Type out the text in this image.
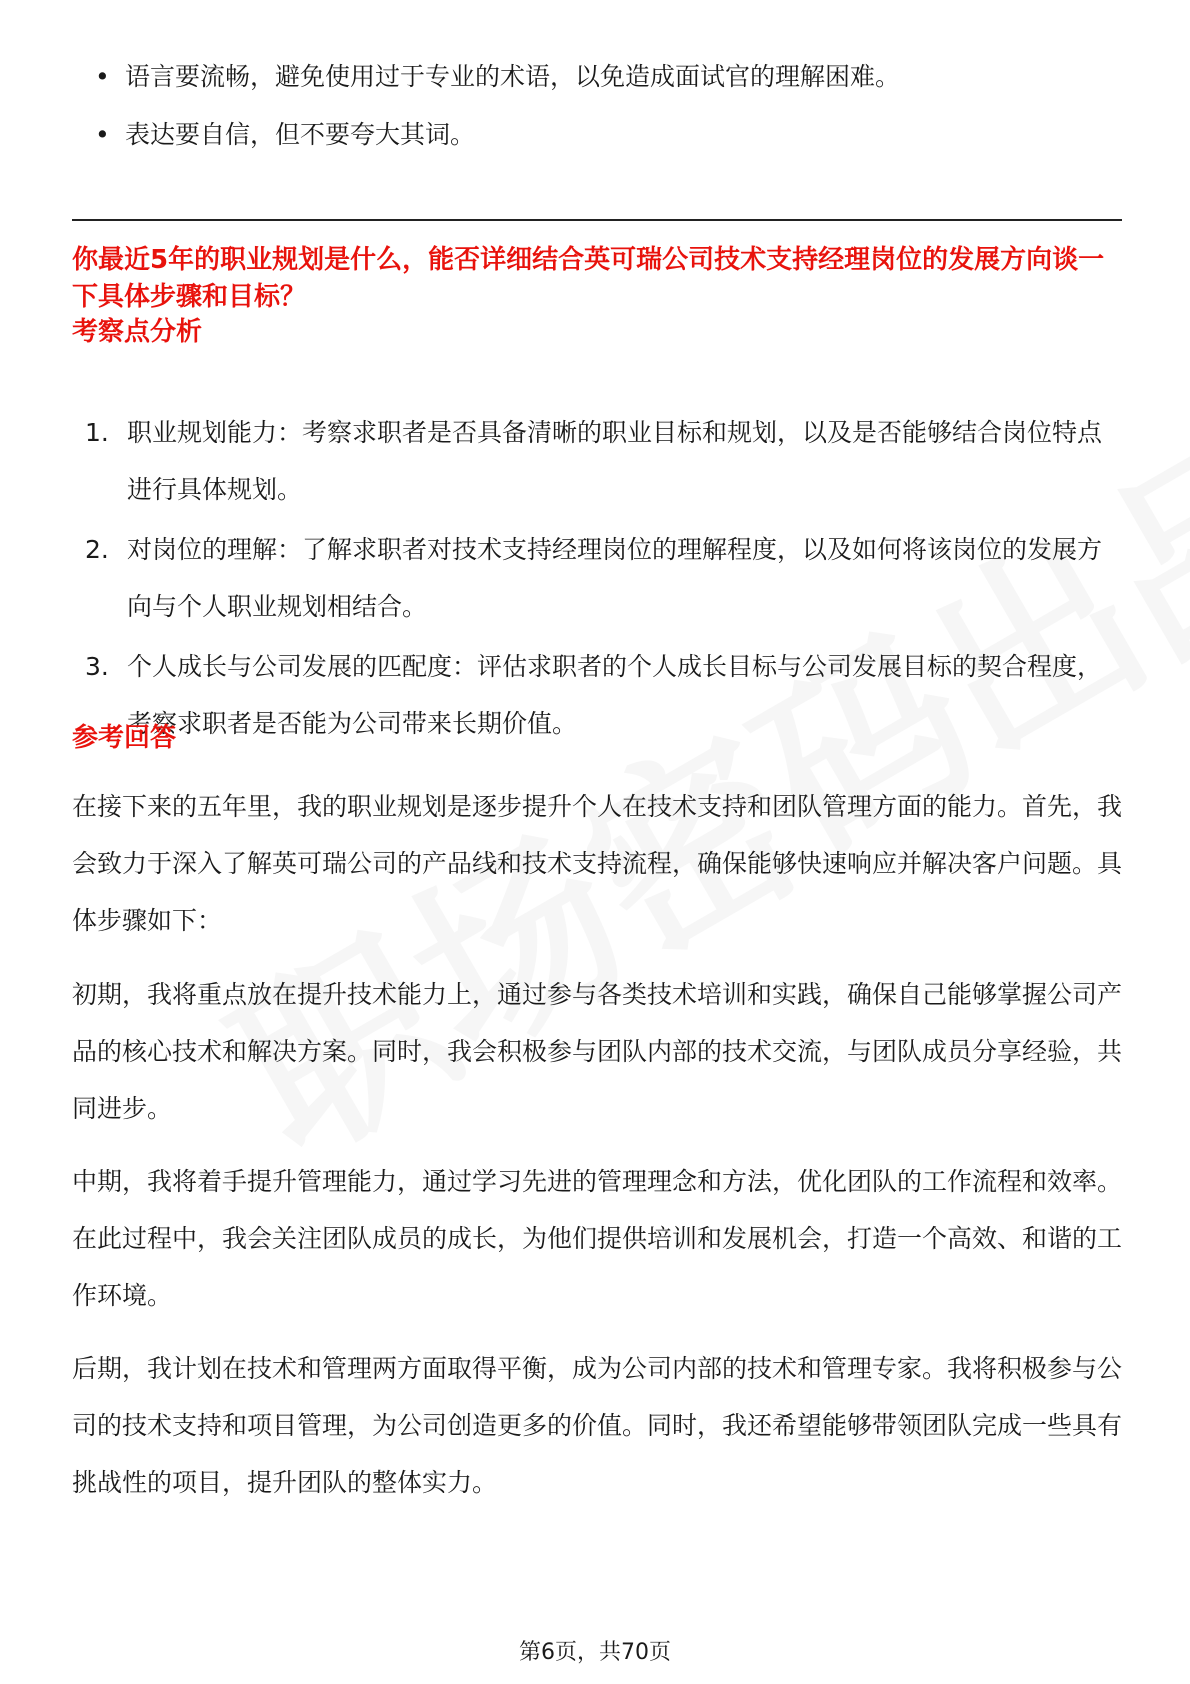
• 语言要流畅，避免使用过于专业的术语，以免造成面试官的理解困难。
• 表达要自信，但不要夸大其词。
你最近5年的职业规划是什么，能否详细结合英可瑞公司技术支持经理岗位的发展方向谈一下具体步骤和目标？
考察点分析
1. 职业规划能力：考察求职者是否具备清晰的职业目标和规划，以及是否能够结合岗位特点进行具体规划。
2. 对岗位的理解：了解求职者对技术支持经理岗位的理解程度，以及如何将该岗位的发展方向与个人职业规划相结合。
3. 个人成长与公司发展的匹配度：评估求职者的个人成长目标与公司发展目标的契合程度，考察求职者是否能为公司带来长期价值。
参考回答

在接下来的五年里，我的职业规划是逐步提升个人在技术支持和团队管理方面的能力。首先，我会致力于深入了解英可瑞公司的产品线和技术支持流程，确保能够快速响应并解决客户问题。具体步骤如下：

初期，我将重点放在提升技术能力上，通过参与各类技术培训和实践，确保自己能够掌握公司产品的核心技术和解决方案。同时，我会积极参与团队内部的技术交流，与团队成员分享经验，共同进步。

中期，我将着手提升管理能力，通过学习先进的管理理念和方法，优化团队的工作流程和效率。在此过程中，我会关注团队成员的成长，为他们提供培训和发展机会，打造一个高效、和谐的工作环境。

后期，我计划在技术和管理两方面取得平衡，成为公司内部的技术和管理专家。我将积极参与公司的技术支持和项目管理，为公司创造更多的价值。同时，我还希望能够带领团队完成一些具有挑战性的项目，提升团队的整体实力。

第6页，共70页
